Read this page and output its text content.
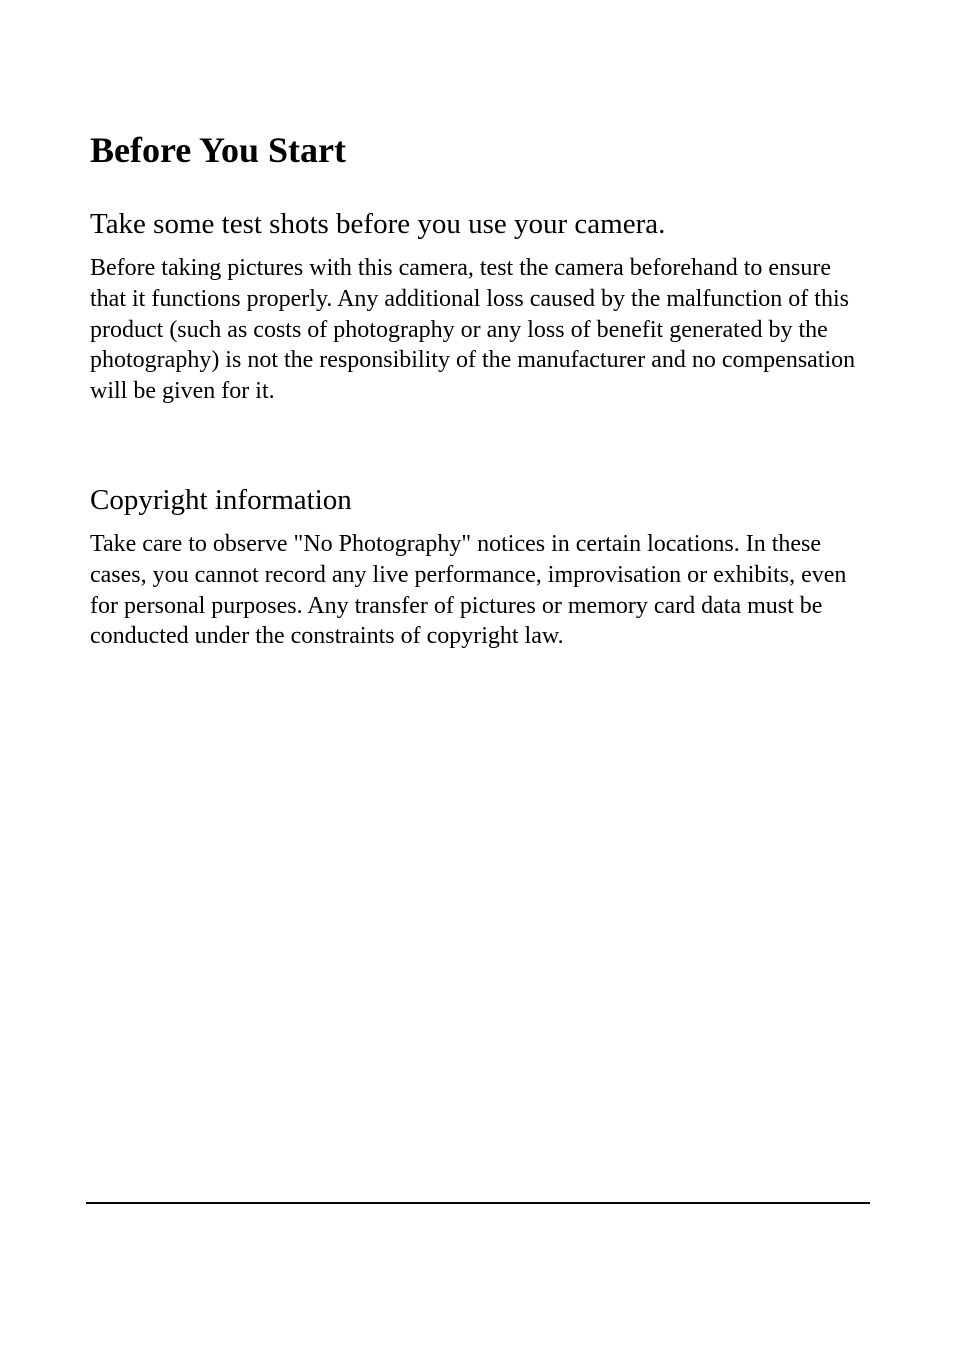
Before You Start
Take some test shots before you use your camera.

Before taking pictures with this camera, test the camera beforehand to ensure that it functions properly. Any additional loss caused by the malfunction of this product (such as costs of photography or any loss of benefit generated by the photography) is not the responsibility of the manufacturer and no compensation will be given for it.

Copyright information

Take care to observe "No Photography" notices in certain locations. In these cases, you cannot record any live performance, improvisation or exhibits, even for personal purposes. Any transfer of pictures or memory card data must be conducted under the constraints of copyright law.
